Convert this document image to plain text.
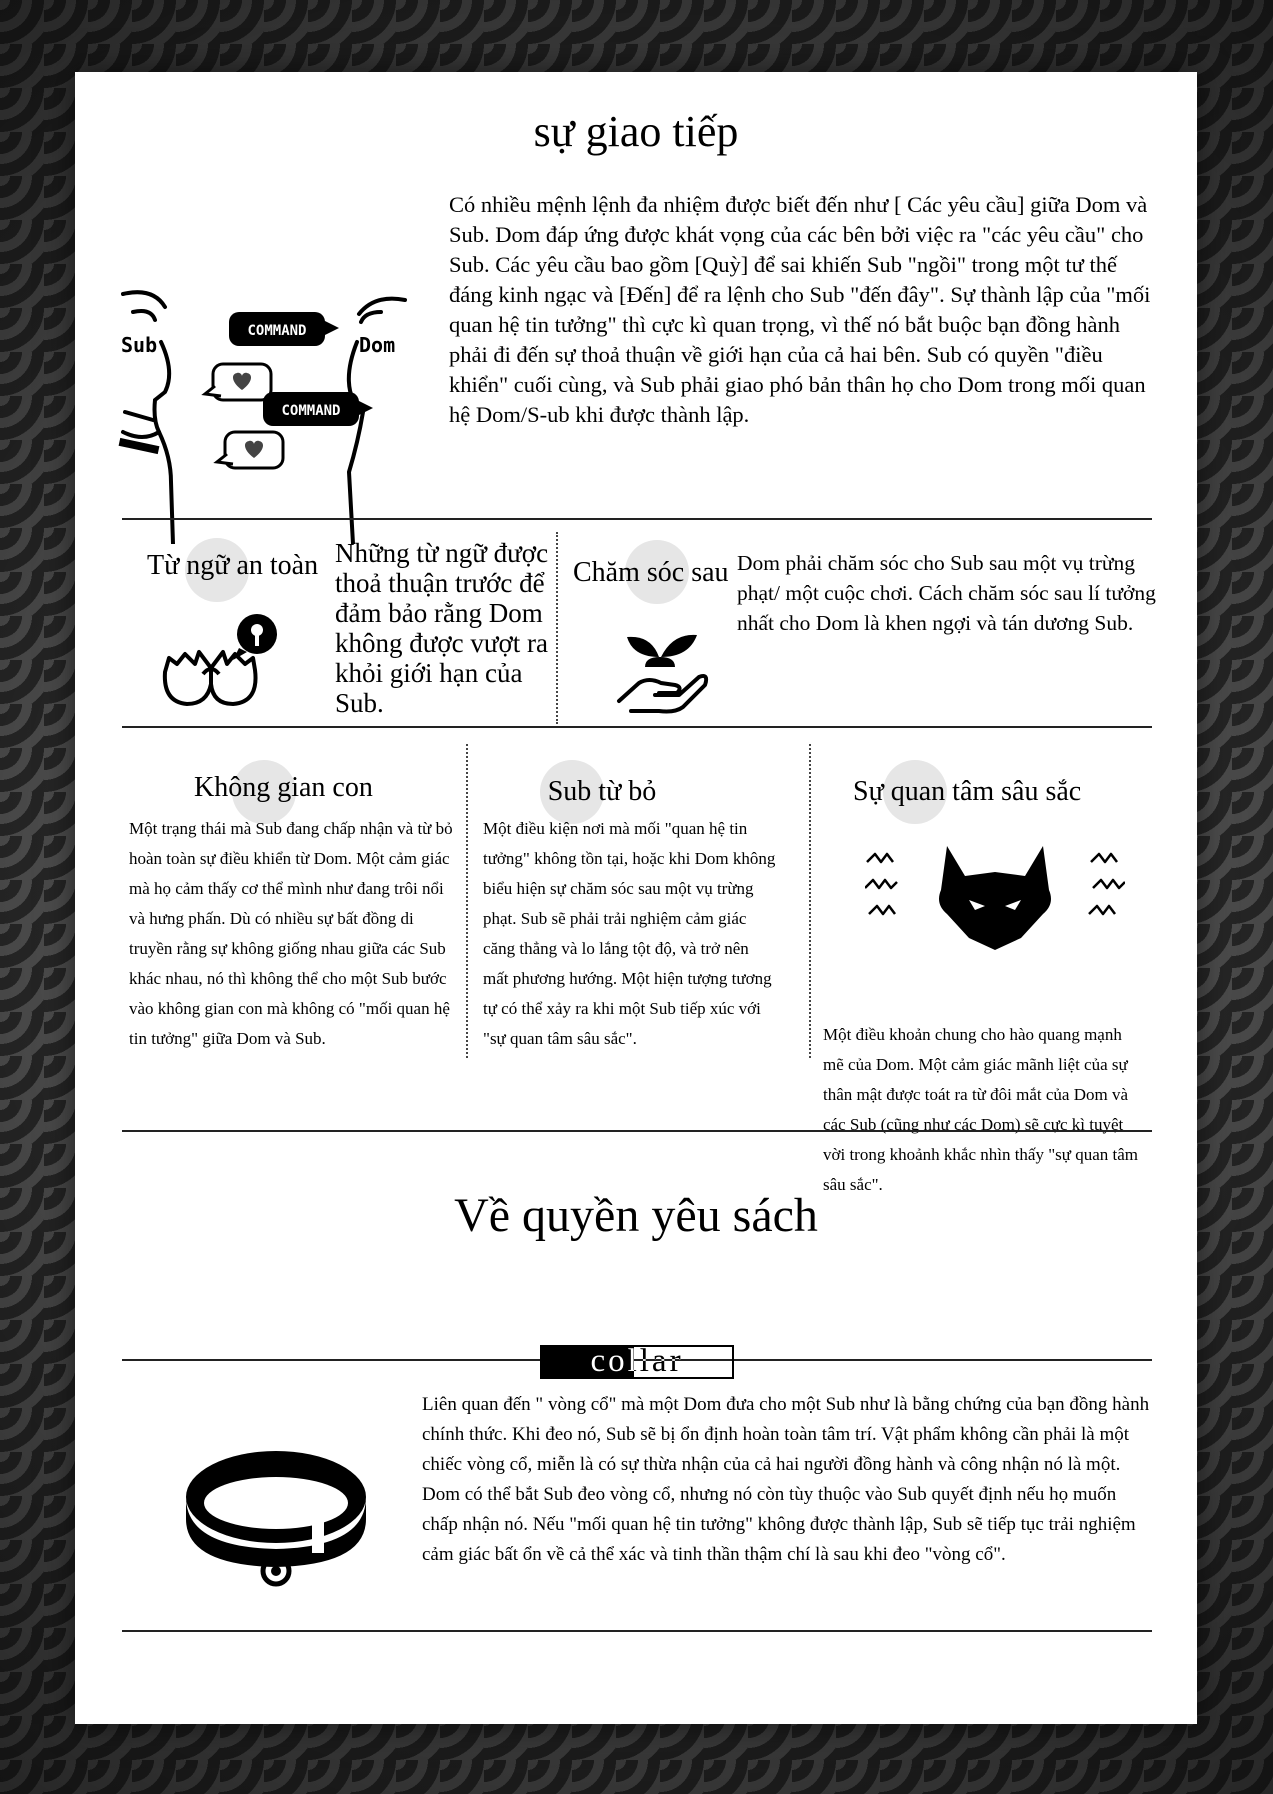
sự giao tiếp
Sub	Dom
COMMAND
COMMAND
Có nhiều mệnh lệnh đa nhiệm được biết đến như [ Các yêu cầu] giữa Dom và Sub. Dom đáp ứng được khát vọng của các bên bởi việc ra "các yêu cầu" cho Sub. Các yêu cầu bao gồm [Quỳ] để sai khiến Sub "ngồi" trong một tư thế đáng kinh ngạc và [Đến] để ra lệnh cho Sub "đến đây". Sự thành lập của "mối quan hệ tin tưởng" thì cực kì quan trọng, vì thế nó bắt buộc bạn đồng hành phải đi đến sự thoả thuận về giới hạn của cả hai bên. Sub có quyền "điều khiển" cuối cùng, và Sub phải giao phó bản thân họ cho Dom trong mối quan hệ Dom/S-ub khi được thành lập.
Từ ngữ an toàn Những từ ngữ được thoả thuận trước để đảm bảo rằng Dom không được vượt ra khỏi giới hạn của Sub.
Chăm sóc sau Dom phải chăm sóc cho Sub sau một vụ trừng phạt/ một cuộc chơi. Cách chăm sóc sau lí tưởng nhất cho Dom là khen ngợi và tán dương Sub.
Không gian con
Một trạng thái mà Sub đang chấp nhận và từ bỏ hoàn toàn sự điều khiển từ Dom. Một cảm giác mà họ cảm thấy cơ thể mình như đang trôi nổi và hưng phấn. Dù có nhiều sự bất đồng di truyền rằng sự không giống nhau giữa các Sub khác nhau, nó thì không thể cho một Sub bước vào không gian con mà không có "mối quan hệ tin tưởng" giữa Dom và Sub.
Sub từ bỏ
Một điều kiện nơi mà mối "quan hệ tin tưởng" không tồn tại, hoặc khi Dom không biểu hiện sự chăm sóc sau một vụ trừng phạt. Sub sẽ phải trải nghiệm cảm giác căng thẳng và lo lắng tột độ, và trở nên mất phương hướng. Một hiện tượng tương tự có thể xảy ra khi một Sub tiếp xúc với "sự quan tâm sâu sắc".
Sự quan tâm sâu sắc
Một điều khoản chung cho hào quang mạnh mẽ của Dom. Một cảm giác mãnh liệt của sự thân mật được toát ra từ đôi mắt của Dom và các Sub (cũng như các Dom) sẽ cực kì tuyệt vời trong khoảnh khắc nhìn thấy "sự quan tâm sâu sắc".
Về quyền yêu sách
collar
Liên quan đến " vòng cổ" mà một Dom đưa cho một Sub như là bằng chứng của bạn đồng hành chính thức. Khi đeo nó, Sub sẽ bị ổn định hoàn toàn tâm trí. Vật phẩm không cần phải là một chiếc vòng cổ, miễn là có sự thừa nhận của cả hai người đồng hành và công nhận nó là một. Dom có thể bắt Sub đeo vòng cổ, nhưng nó còn tùy thuộc vào Sub quyết định nếu họ muốn chấp nhận nó. Nếu "mối quan hệ tin tưởng" không được thành lập, Sub sẽ tiếp tục trải nghiệm cảm giác bất ổn về cả thể xác và tinh thần thậm chí là sau khi đeo "vòng cổ".
